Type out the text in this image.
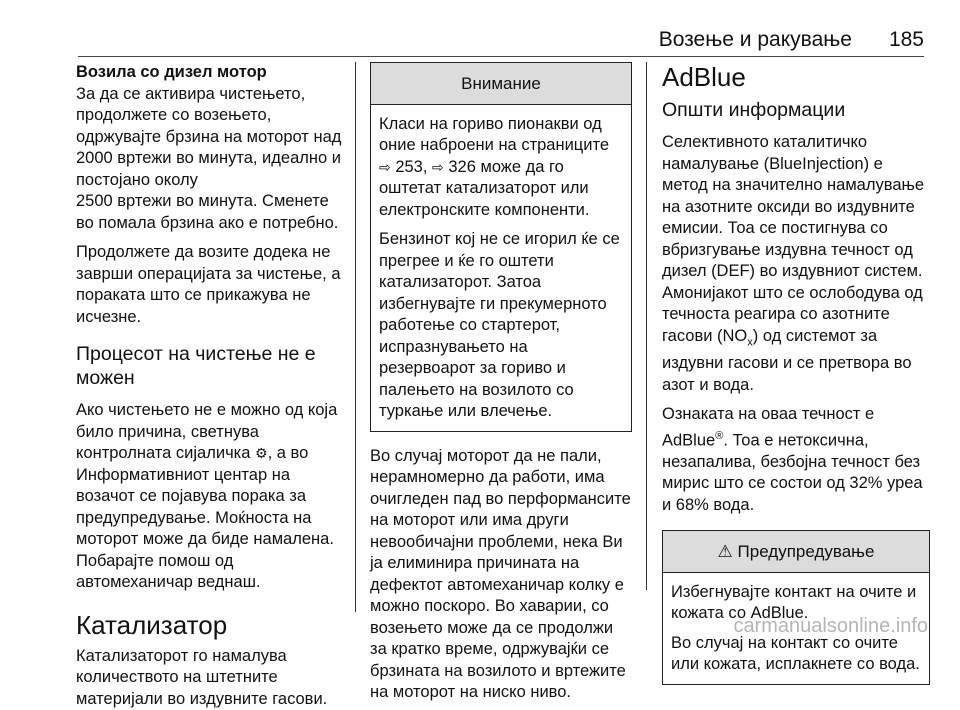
Возење и ракување 185

Возила со дизел мотор

За да се активира чистењето, продолжете со возењето, одржувајте брзина на моторот над 2000 вртежи во минута, идеално и постојано околу

2500 вртежи во минута. Сменете во помала брзина ако е потребно.

Продолжете да возите додека не заврши операцијата за чистење, а пораката што се прикажува не исчезне.

Процесот на чистење не е можен

Ако чистењето не е можно од која било причина, светнува контролната сијаличка ⚙, а во Информативниот центар на возачот се појавува порака за предупредување. Моќноста на моторот може да биде намалена. Побарајте помош од автомеханичар веднаш.

Катализатор

Катализаторот го намалува количеството на штетните материјали во издувните гасови.

Внимание

Класи на гориво пионакви од оние наброени на страниците ⇨ 253, ⇨ 326 може да го оштетат катализаторот или електронските компоненти.

Бензинот кој не се игорил ќе се прегрее и ќе го оштети катализаторот. Затоа избегнувајте ги прекумерното работење со стартерот, испразнувањето на резервоарот за гориво и палењето на возилото со туркање или влечење.

Во случај моторот да не пали, нерамномерно да работи, има очигледен пад во перформансите на моторот или има други невообичајни проблеми, нека Ви ја елиминира причината на дефектот автомеханичар колку е можно поскоро. Во хаварии, со возењето може да се продолжи за кратко време, одржувајќи се брзината на возилото и вртежите на моторот на ниско ниво.

AdBlue

Општи информации

Селективното каталитичко намалување (BlueInjection) е метод на значително намалување на азотните оксиди во издувните емисии. Тоа се постигнува со вбризгување издувна течност од дизел (DEF) во издувниот систем. Амонијакот што се ослободува од течноста реагира со азотните гасови $(NO_x)$ од системот за издувни гасови и се претвора во азот и вода.

Ознаката на оваа течност е AdBlue®. Тоа е нетоксична, незапалива, безбојна течност без мирис што се состои од 32% уреа и 68% вода.

⚠ Предупредување

Избегнувајте контакт на очите и кожата со AdBlue.

Во случај на контакт со очите или кожата, исплакнете со вода.

carmanualsonline.info
